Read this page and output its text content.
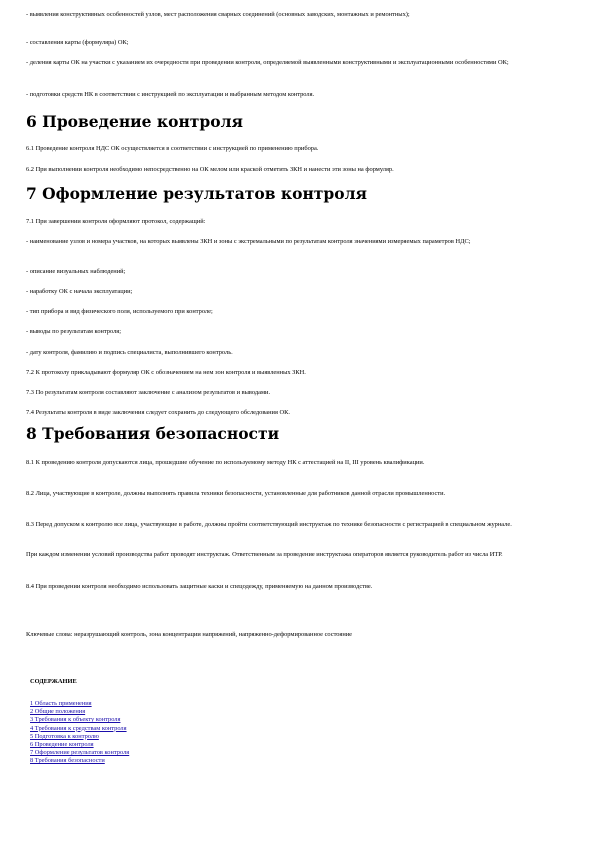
- выявления конструктивных особенностей узлов, мест расположения сварных соединений (основных заводских, монтажных и ремонтных);

- составления карты (формуляра) ОК;

- деления карты ОК на участки с указанием их очередности при проведении контроля, определяемой выявленными конструктивными и эксплуатационными особенностями ОК;

- подготовки средств НК в соответствии с инструкцией по эксплуатации и выбранным методом контроля.

6 Проведение контроля

6.1 Проведение контроля НДС ОК осуществляется в соответствии с инструкцией по применению прибора.

6.2 При выполнении контроля необходимо непосредственно на ОК мелом или краской отметить ЗКН и нанести эти зоны на формуляр.

7 Оформление результатов контроля

7.1 При завершении контроля оформляют протокол, содержащий:

- наименование узлов и номера участков, на которых выявлены ЗКН и зоны с экстремальными по результатам контроля значениями измеряемых параметров НДС;

- описание визуальных наблюдений;

- наработку ОК с начала эксплуатации;

- тип прибора и вид физического поля, используемого при контроле;

- выводы по результатам контроля;

- дату контроля, фамилию и подпись специалиста, выполнившего контроль.

7.2 К протоколу прикладывают формуляр ОК с обозначением на нем зон контроля и выявленных ЗКН.

7.3 По результатам контроля составляют заключение с анализом результатов и выводами.

7.4 Результаты контроля в виде заключения следует сохранить до следующего обследования ОК.

8 Требования безопасности

8.1 К проведению контроля допускаются лица, прошедшие обучение по используемому методу НК с аттестацией на II, III уровень квалификации.

8.2 Лица, участвующие в контроле, должны выполнять правила техники безопасности, установленные для работников данной отрасли промышленности.

8.3 Перед допуском к контролю все лица, участвующие в работе, должны пройти соответствующий инструктаж по технике безопасности с регистрацией в специальном журнале.

При каждом изменении условий производства работ проводят инструктаж. Ответственным за проведение инструктажа операторов является руководитель работ из числа ИТР.

8.4 При проведении контроля необходимо использовать защитные каски и спецодежду, применяемую на данном производстве.

Ключевые слова: неразрушающий контроль, зона концентрации напряжений, напряженно-деформированное состояние

СОДЕРЖАНИЕ

1 Область применения
2 Общие положения
3 Требования к объекту контроля
4 Требования к средствам контроля
5 Подготовка к контролю
6 Проведение контроля
7 Оформление результатов контроля
8 Требования безопасности
